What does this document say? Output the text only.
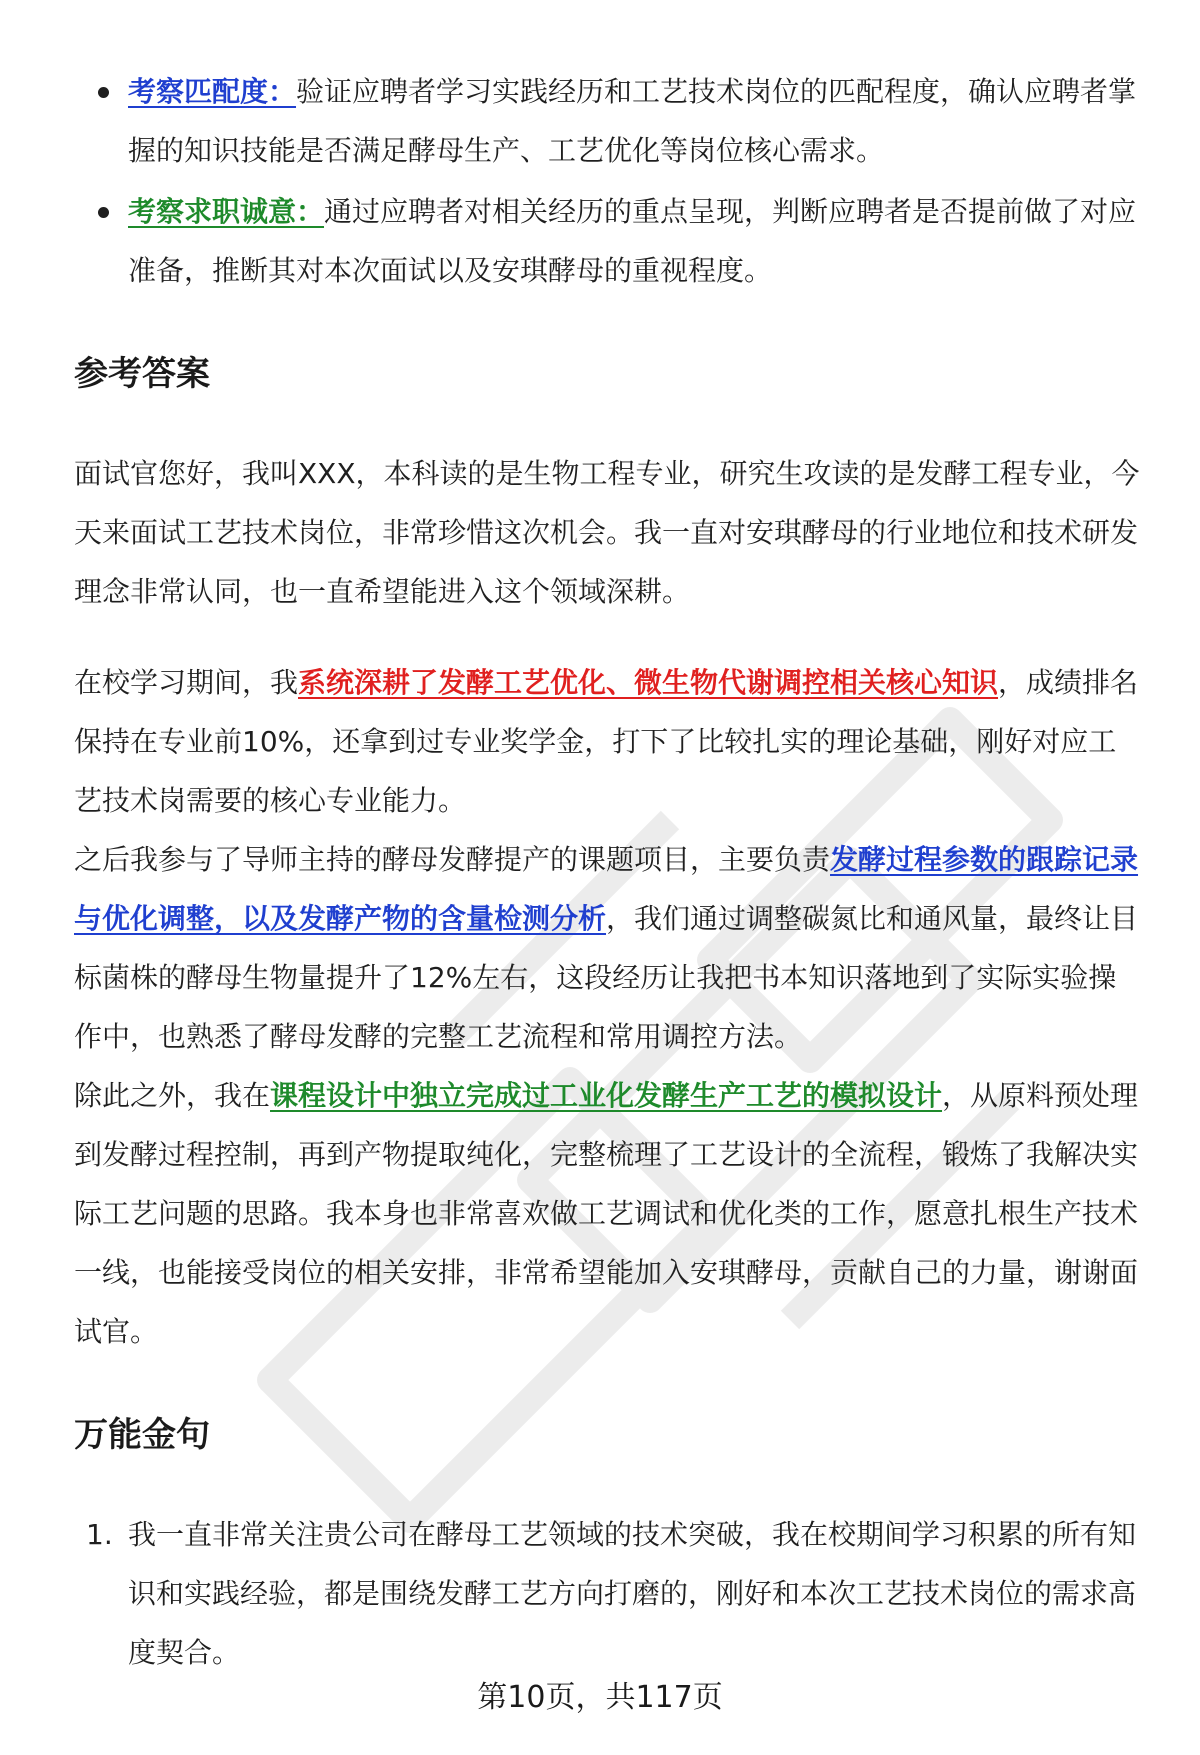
考察匹配度：验证应聘者学习实践经历和工艺技术岗位的匹配程度，确认应聘者掌握的知识技能是否满足酵母生产、工艺优化等岗位核心需求。
考察求职诚意：通过应聘者对相关经历的重点呈现，判断应聘者是否提前做了对应准备，推断其对本次面试以及安琪酵母的重视程度。
参考答案

面试官您好，我叫XXX，本科读的是生物工程专业，研究生攻读的是发酵工程专业，今天来面试工艺技术岗位，非常珍惜这次机会。我一直对安琪酵母的行业地位和技术研发理念非常认同，也一直希望能进入这个领域深耕。

在校学习期间，我系统深耕了发酵工艺优化、微生物代谢调控相关核心知识，成绩排名保持在专业前10%，还拿到过专业奖学金，打下了比较扎实的理论基础，刚好对应工艺技术岗需要的核心专业能力。

之后我参与了导师主持的酵母发酵提产的课题项目，主要负责发酵过程参数的跟踪记录与优化调整，以及发酵产物的含量检测分析，我们通过调整碳氮比和通风量，最终让目标菌株的酵母生物量提升了12%左右，这段经历让我把书本知识落地到了实际实验操作中，也熟悉了酵母发酵的完整工艺流程和常用调控方法。

除此之外，我在课程设计中独立完成过工业化发酵生产工艺的模拟设计，从原料预处理到发酵过程控制，再到产物提取纯化，完整梳理了工艺设计的全流程，锻炼了我解决实际工艺问题的思路。我本身也非常喜欢做工艺调试和优化类的工作，愿意扎根生产技术一线，也能接受岗位的相关安排，非常希望能加入安琪酵母，贡献自己的力量，谢谢面试官。

万能金句
1. 我一直非常关注贵公司在酵母工艺领域的技术突破，我在校期间学习积累的所有知识和实践经验，都是围绕发酵工艺方向打磨的，刚好和本次工艺技术岗位的需求高度契合。
第10页，共117页
